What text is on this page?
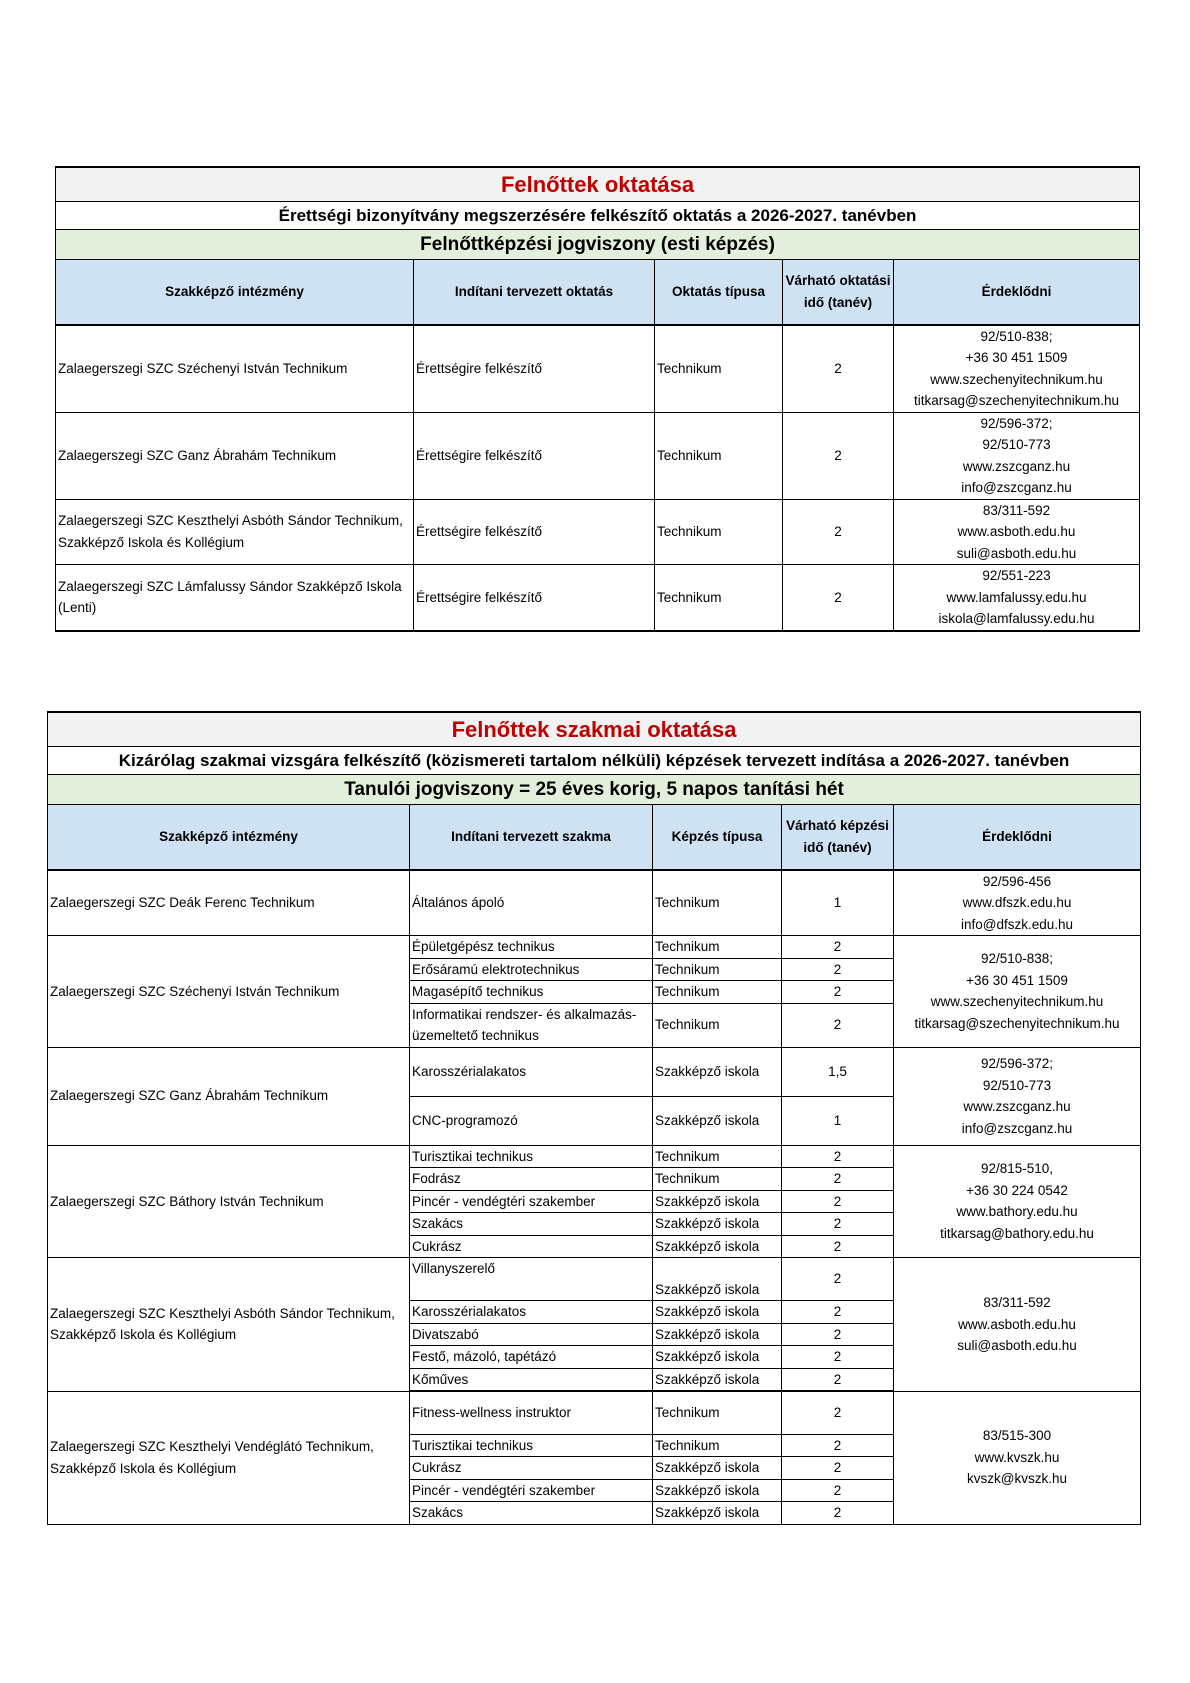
Felnőttek oktatása				
Érettségi bizonyítvány megszerzésére felkészítő oktatás a 2026-2027. tanévben				
Felnőttképzési jogviszony (esti képzés)				
Szakképző intézmény	Indítani tervezett oktatás	Oktatás típusa	Várható oktatási idő (tanév)	Érdeklődni
Zalaegerszegi SZC Széchenyi István Technikum	Érettségire felkészítő	Technikum	2	92/510-838;
+36 30 451 1509
www.szechenyitechnikum.hu
titkarsag@szechenyitechnikum.hu

Zalaegerszegi SZC Ganz Ábrahám Technikum	Érettségire felkészítő	Technikum	2	92/596-372;
92/510-773
www.zszcganz.hu
info@zszcganz.hu

Zalaegerszegi SZC Keszthelyi Asbóth Sándor Technikum, Szakképző Iskola és Kollégium	Érettségire felkészítő	Technikum	2	83/311-592
www.asboth.edu.hu
suli@asboth.edu.hu

Zalaegerszegi SZC Lámfalussy Sándor Szakképző Iskola (Lenti)	Érettségire felkészítő	Technikum	2	92/551-223
www.lamfalussy.edu.hu
iskola@lamfalussy.edu.hu
Felnőttek szakmai oktatása				
Kizárólag szakmai vizsgára felkészítő (közismereti tartalom nélküli) képzések tervezett indítása a 2026-2027. tanévben				
Tanulói jogviszony = 25 éves korig, 5 napos tanítási hét				
Szakképző intézmény	Indítani tervezett szakma	Képzés típusa	Várható képzési idő (tanév)	Érdeklődni
Zalaegerszegi SZC Deák Ferenc Technikum	Általános ápoló	Technikum	1	92/596-456
www.dfszk.edu.hu
info@dfszk.edu.hu

Zalaegerszegi SZC Széchenyi István Technikum	Épületgépész technikus	Technikum	2	92/510-838;
+36 30 451 1509
www.szechenyitechnikum.hu
titkarsag@szechenyitechnikum.hu

	Erősáramú elektrotechnikus	Technikum	2	
	Magasépítő technikus	Technikum	2	
	Informatikai rendszer- és alkalmazás-üzemeltető technikus	Technikum	2	
Zalaegerszegi SZC Ganz Ábrahám Technikum	Karosszérialakatos	Szakképző iskola	1,5	92/596-372;
92/510-773
www.zszcganz.hu
info@zszcganz.hu

	CNC-programozó	Szakképző iskola	1	
Zalaegerszegi SZC Báthory István Technikum	Turisztikai technikus	Technikum	2	92/815-510,
+36 30 224 0542
www.bathory.edu.hu
titkarsag@bathory.edu.hu

	Fodrász	Technikum	2	
	Pincér - vendégtéri szakember	Szakképző iskola	2	
	Szakács	Szakképző iskola	2	
	Cukrász	Szakképző iskola	2	
Zalaegerszegi SZC Keszthelyi Asbóth Sándor Technikum, Szakképző Iskola és Kollégium	Villanyszerelő	Szakképző iskola	2	83/311-592
www.asboth.edu.hu
suli@asboth.edu.hu

	Karosszérialakatos	Szakképző iskola	2	
	Divatszabó	Szakképző iskola	2	
	Festő, mázoló, tapétázó	Szakképző iskola	2	
	Kőműves	Szakképző iskola	2	
Zalaegerszegi SZC Keszthelyi Vendéglátó Technikum, Szakképző Iskola és Kollégium	Fitness-wellness instruktor	Technikum	2	83/515-300
www.kvszk.hu
kvszk@kvszk.hu

	Turisztikai technikus	Technikum	2	
	Cukrász	Szakképző iskola	2	
	Pincér - vendégtéri szakember	Szakképző iskola	2	
	Szakács	Szakképző iskola	2	
